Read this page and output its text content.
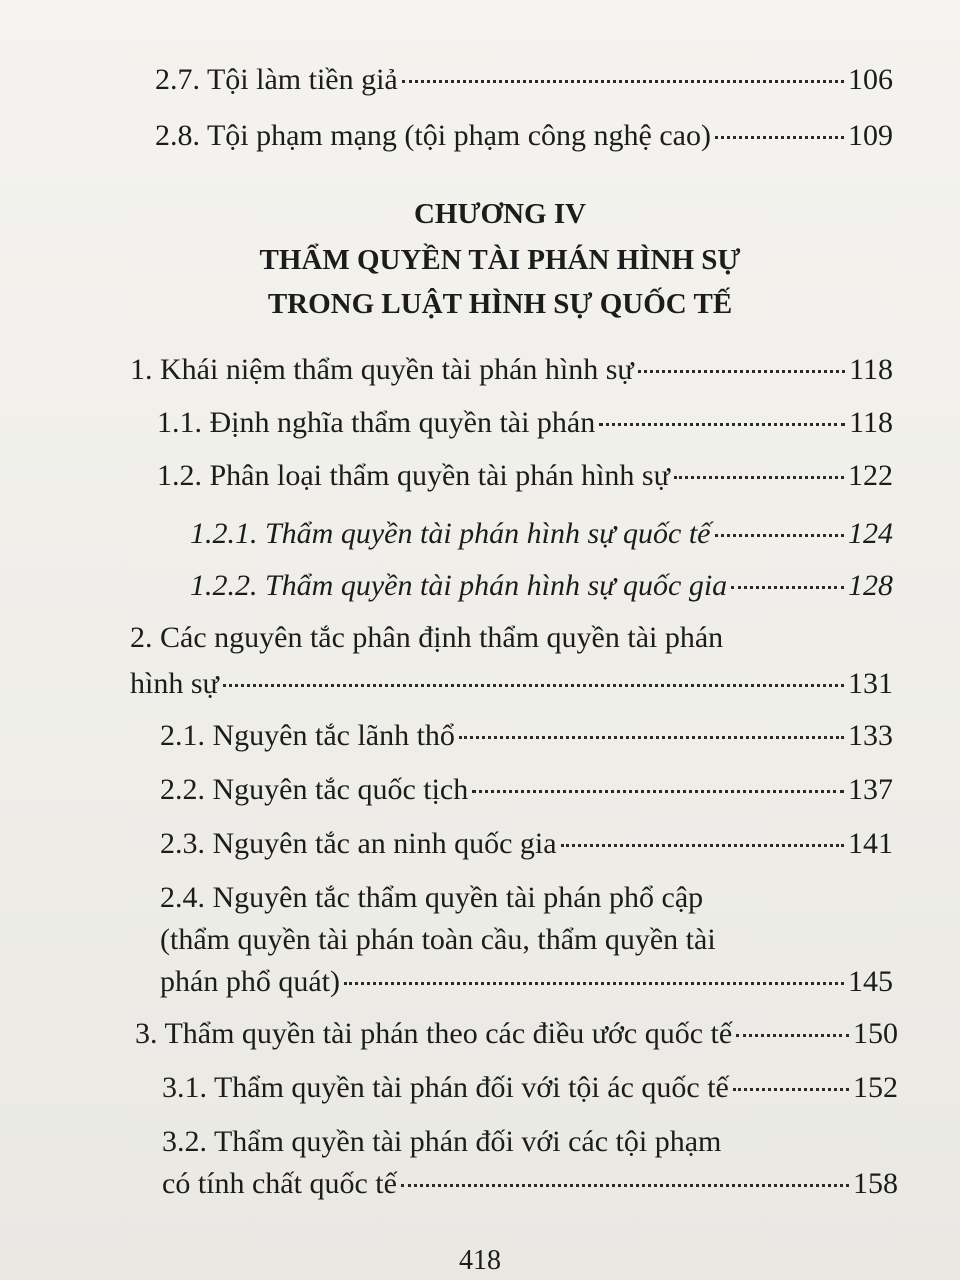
2.7. Tội làm tiền giả	106
2.8. Tội phạm mạng (tội phạm công nghệ cao)	109
CHƯƠNG IV
THẨM QUYỀN TÀI PHÁN HÌNH SỰ
TRONG LUẬT HÌNH SỰ QUỐC TẾ
1. Khái niệm thẩm quyền tài phán hình sự	118
1.1. Định nghĩa thẩm quyền tài phán	118
1.2. Phân loại thẩm quyền tài phán hình sự	122
1.2.1. Thẩm quyền tài phán hình sự quốc tế	124
1.2.2. Thẩm quyền tài phán hình sự quốc gia	128
2. Các nguyên tắc phân định thẩm quyền tài phán
hình sự	131
2.1. Nguyên tắc lãnh thổ	133
2.2. Nguyên tắc quốc tịch	137
2.3. Nguyên tắc an ninh quốc gia	141
2.4. Nguyên tắc thẩm quyền tài phán phổ cập
(thẩm quyền tài phán toàn cầu, thẩm quyền tài
phán phổ quát)	145
3. Thẩm quyền tài phán theo các điều ước quốc tế	150
3.1. Thẩm quyền tài phán đối với tội ác quốc tế	152
3.2. Thẩm quyền tài phán đối với các tội phạm
có tính chất quốc tế	158
418
